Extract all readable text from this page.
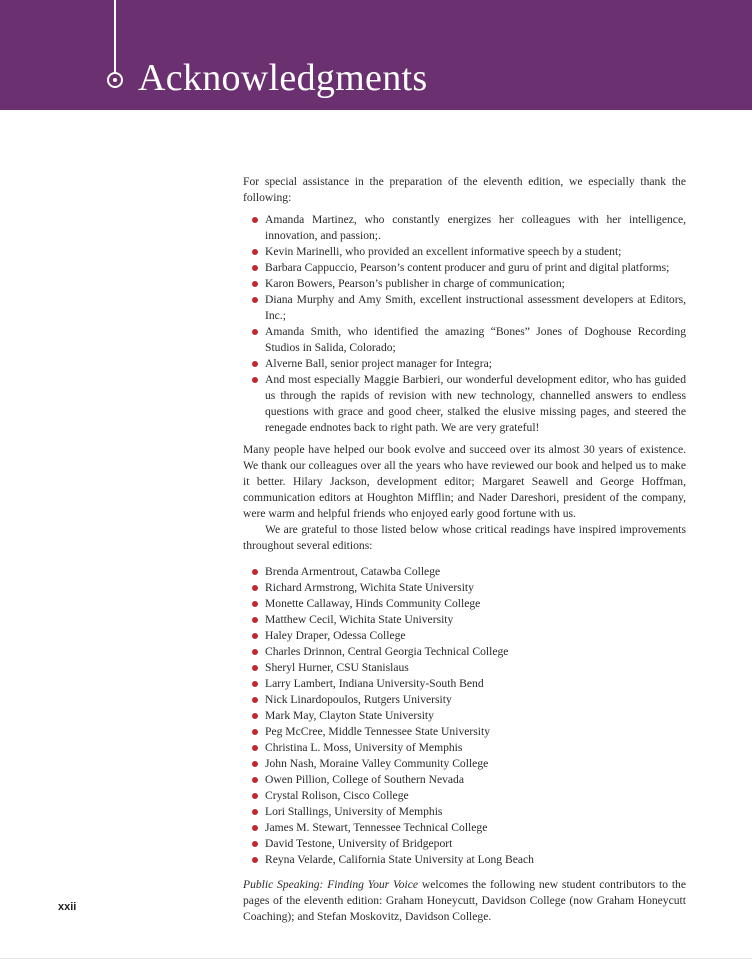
Acknowledgments

For special assistance in the preparation of the eleventh edition, we especially thank the following:

Amanda Martinez, who constantly energizes her colleagues with her intelligence, innovation, and passion;.
Kevin Marinelli, who provided an excellent informative speech by a student;
Barbara Cappuccio, Pearson’s content producer and guru of print and digital platforms;
Karon Bowers, Pearson’s publisher in charge of communication;
Diana Murphy and Amy Smith, excellent instructional assessment developers at Editors, Inc.;
Amanda Smith, who identified the amazing “Bones” Jones of Doghouse Recording Studios in Salida, Colorado;
Alverne Ball, senior project manager for Integra;
And most especially Maggie Barbieri, our wonderful development editor, who has guided us through the rapids of revision with new technology, channelled answers to endless questions with grace and good cheer, stalked the elusive missing pages, and steered the renegade endnotes back to right path. We are very grateful!

Many people have helped our book evolve and succeed over its almost 30 years of existence. We thank our colleagues over all the years who have reviewed our book and helped us to make it better. Hilary Jackson, development editor; Margaret Seawell and George Hoffman, communication editors at Houghton Mifflin; and Nader Dareshori, president of the company, were warm and helpful friends who enjoyed early good fortune with us.

We are grateful to those listed below whose critical readings have inspired improvements throughout several editions:

Brenda Armentrout, Catawba College
Richard Armstrong, Wichita State University
Monette Callaway, Hinds Community College
Matthew Cecil, Wichita State University
Haley Draper, Odessa College
Charles Drinnon, Central Georgia Technical College
Sheryl Hurner, CSU Stanislaus
Larry Lambert, Indiana University-South Bend
Nick Linardopoulos, Rutgers University
Mark May, Clayton State University
Peg McCree, Middle Tennessee State University
Christina L. Moss, University of Memphis
John Nash, Moraine Valley Community College
Owen Pillion, College of Southern Nevada
Crystal Rolison, Cisco College
Lori Stallings, University of Memphis
James M. Stewart, Tennessee Technical College
David Testone, University of Bridgeport
Reyna Velarde, California State University at Long Beach

Public Speaking: Finding Your Voice welcomes the following new student contributors to the pages of the eleventh edition: Graham Honeycutt, Davidson College (now Graham Honeycutt Coaching); and Stefan Moskovitz, Davidson College.

xxii
